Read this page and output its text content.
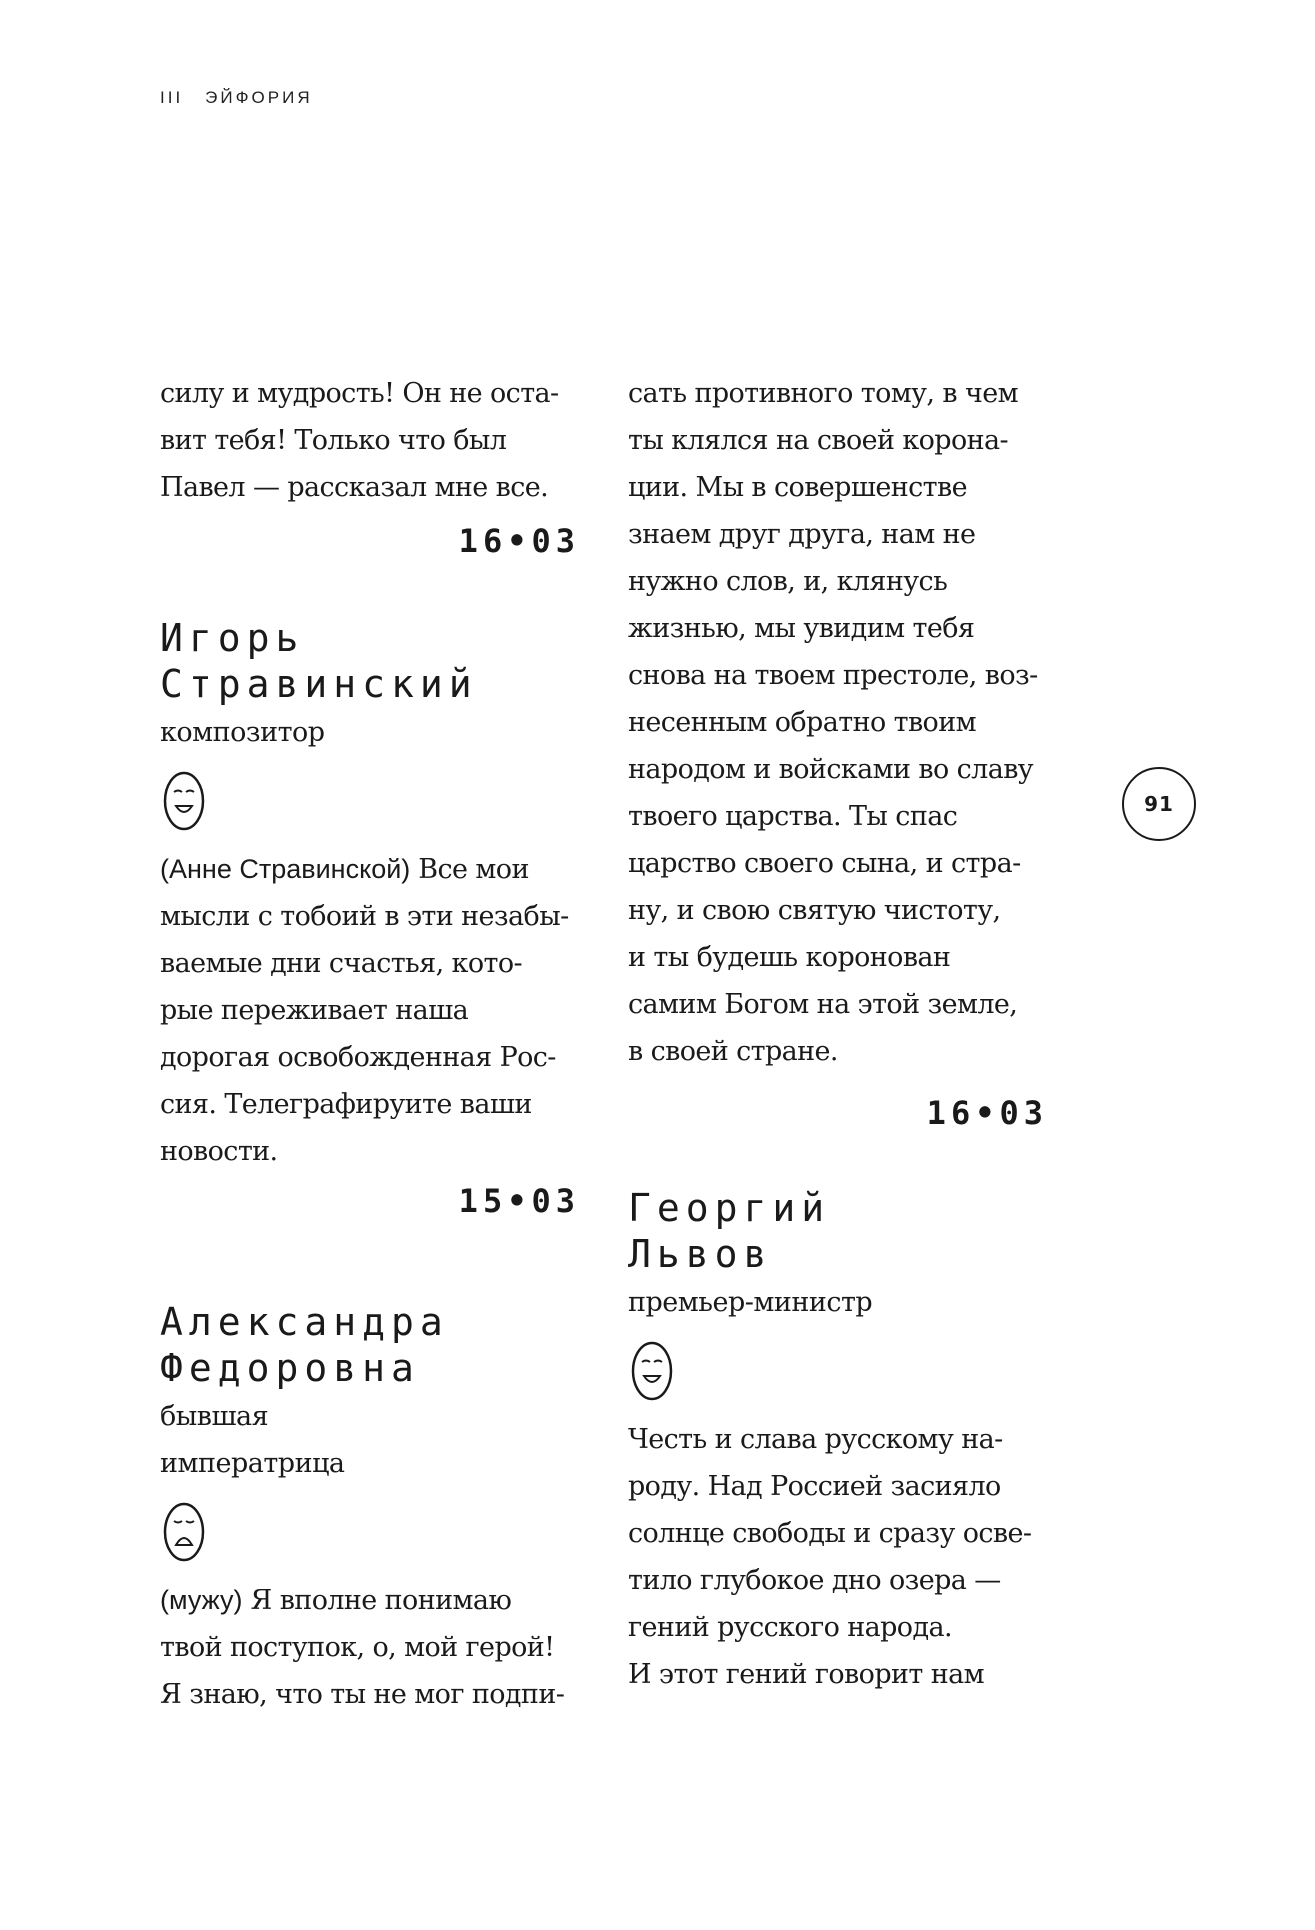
III ЭЙФОРИЯ

силу и мудрость! Он не оста-
вит тебя! Только что был
Павел — рассказал мне все.

16•03

Игорь
Стравинский

композитор

(Анне Стравинской) Все мои
мысли с тобоий в эти незабы-
ваемые дни счастья, кото-
рые переживает наша
дорогая освобожденная Рос-
сия. Телеграфируите ваши
новости.

15•03

Александра
Федоровна

бывшая
императрица

(мужу) Я вполне понимаю
твой поступок, о, мой герой!
Я знаю, что ты не мог подпи-

сать противного тому, в чем
ты клялся на своей корона-
ции. Мы в совершенстве
знаем друг друга, нам не
нужно слов, и, клянусь
жизнью, мы увидим тебя
снова на твоем престоле, воз-
несенным обратно твоим
народом и войсками во славу
твоего царства. Ты спас
царство своего сына, и стра-
ну, и свою святую чистоту,
и ты будешь коронован
самим Богом на этой земле,
в своей стране.

16•03

Георгий
Львов

премьер-министр

Честь и слава русскому на-
роду. Над Россией засияло
солнце свободы и сразу осве-
тило глубокое дно озера —
гений русского народа.
И этот гений говорит нам

91
